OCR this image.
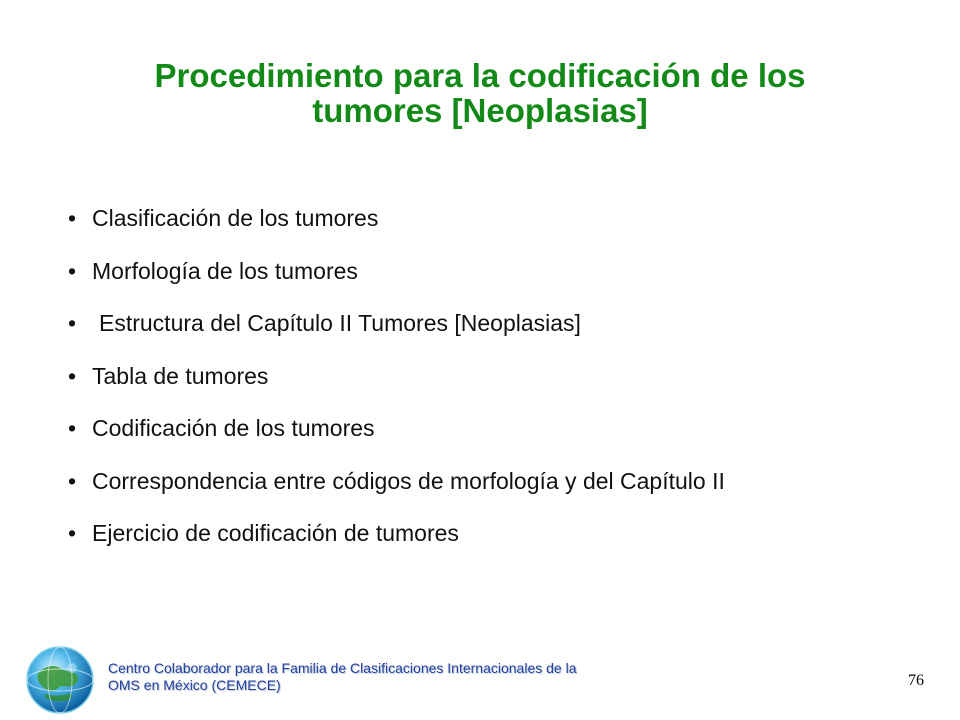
Procedimiento para la codificación de los
tumores [Neoplasias]
• Clasificación de los tumores
• Morfología de los tumores
• Estructura del Capítulo II Tumores [Neoplasias]
• Tabla de tumores
• Codificación de los tumores
• Correspondencia entre códigos de morfología y del Capítulo II
• Ejercicio de codificación de tumores
Centro Colaborador para la Familia de Clasificaciones Internacionales de la
OMS en México (CEMECE)	76
